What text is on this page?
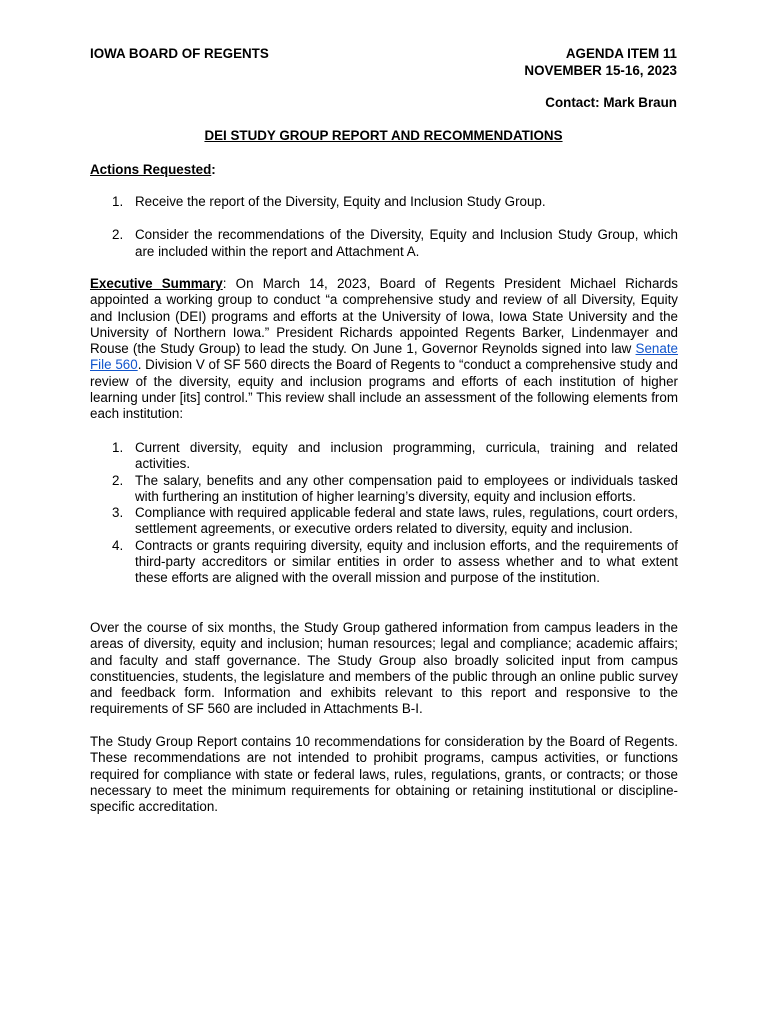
IOWA BOARD OF REGENTS	AGENDA ITEM 11
NOVEMBER 15-16, 2023
Contact: Mark Braun
DEI STUDY GROUP REPORT AND RECOMMENDATIONS
Actions Requested:
1. Receive the report of the Diversity, Equity and Inclusion Study Group.
2. Consider the recommendations of the Diversity, Equity and Inclusion Study Group, which are included within the report and Attachment A.

Executive Summary: On March 14, 2023, Board of Regents President Michael Richards appointed a working group to conduct “a comprehensive study and review of all Diversity, Equity and Inclusion (DEI) programs and efforts at the University of Iowa, Iowa State University and the University of Northern Iowa.” President Richards appointed Regents Barker, Lindenmayer and Rouse (the Study Group) to lead the study. On June 1, Governor Reynolds signed into law Senate File 560. Division V of SF 560 directs the Board of Regents to “conduct a comprehensive study and review of the diversity, equity and inclusion programs and efforts of each institution of higher learning under [its] control.” This review shall include an assessment of the following elements from each institution:

1. Current diversity, equity and inclusion programming, curricula, training and related activities.
2. The salary, benefits and any other compensation paid to employees or individuals tasked with furthering an institution of higher learning’s diversity, equity and inclusion efforts.
3. Compliance with required applicable federal and state laws, rules, regulations, court orders, settlement agreements, or executive orders related to diversity, equity and inclusion.
4. Contracts or grants requiring diversity, equity and inclusion efforts, and the requirements of third-party accreditors or similar entities in order to assess whether and to what extent these efforts are aligned with the overall mission and purpose of the institution.

Over the course of six months, the Study Group gathered information from campus leaders in the areas of diversity, equity and inclusion; human resources; legal and compliance; academic affairs; and faculty and staff governance. The Study Group also broadly solicited input from campus constituencies, students, the legislature and members of the public through an online public survey and feedback form. Information and exhibits relevant to this report and responsive to the requirements of SF 560 are included in Attachments B-I.

The Study Group Report contains 10 recommendations for consideration by the Board of Regents. These recommendations are not intended to prohibit programs, campus activities, or functions required for compliance with state or federal laws, rules, regulations, grants, or contracts; or those necessary to meet the minimum requirements for obtaining or retaining institutional or discipline-specific accreditation.
